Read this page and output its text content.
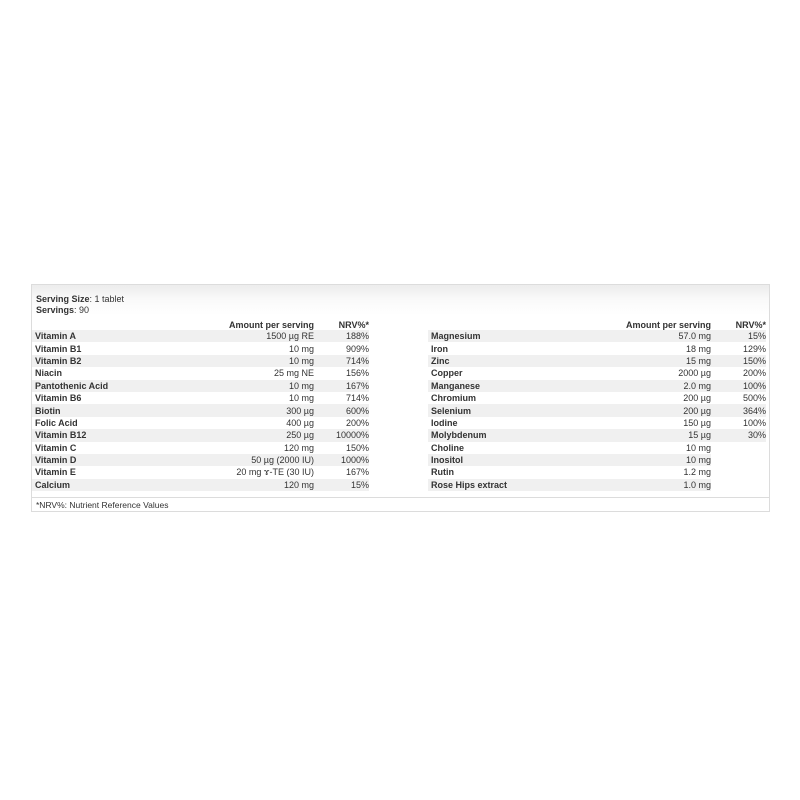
Serving Size: 1 tablet
Servings: 90
	Amount per serving	NRV%*
Vitamin A	1500 µg RE	188%
Vitamin B1	10 mg	909%
Vitamin B2	10 mg	714%
Niacin	25 mg NE	156%
Pantothenic Acid	10 mg	167%
Vitamin B6	10 mg	714%
Biotin	300 µg	600%
Folic Acid	400 µg	200%
Vitamin B12	250 µg	10000%
Vitamin C	120 mg	150%
Vitamin D	50 µg (2000 IU)	1000%
Vitamin E	20 mg ɤ-TE (30 IU)	167%
Calcium	120 mg	15%
	Amount per serving	NRV%*
Magnesium	57.0 mg	15%
Iron	18 mg	129%
Zinc	15 mg	150%
Copper	2000 µg	200%
Manganese	2.0 mg	100%
Chromium	200 µg	500%
Selenium	200 µg	364%
Iodine	150 µg	100%
Molybdenum	15 µg	30%
Choline	10 mg	
Inositol	10 mg	
Rutin	1.2 mg	
Rose Hips extract	1.0 mg	
*NRV%: Nutrient Reference Values
